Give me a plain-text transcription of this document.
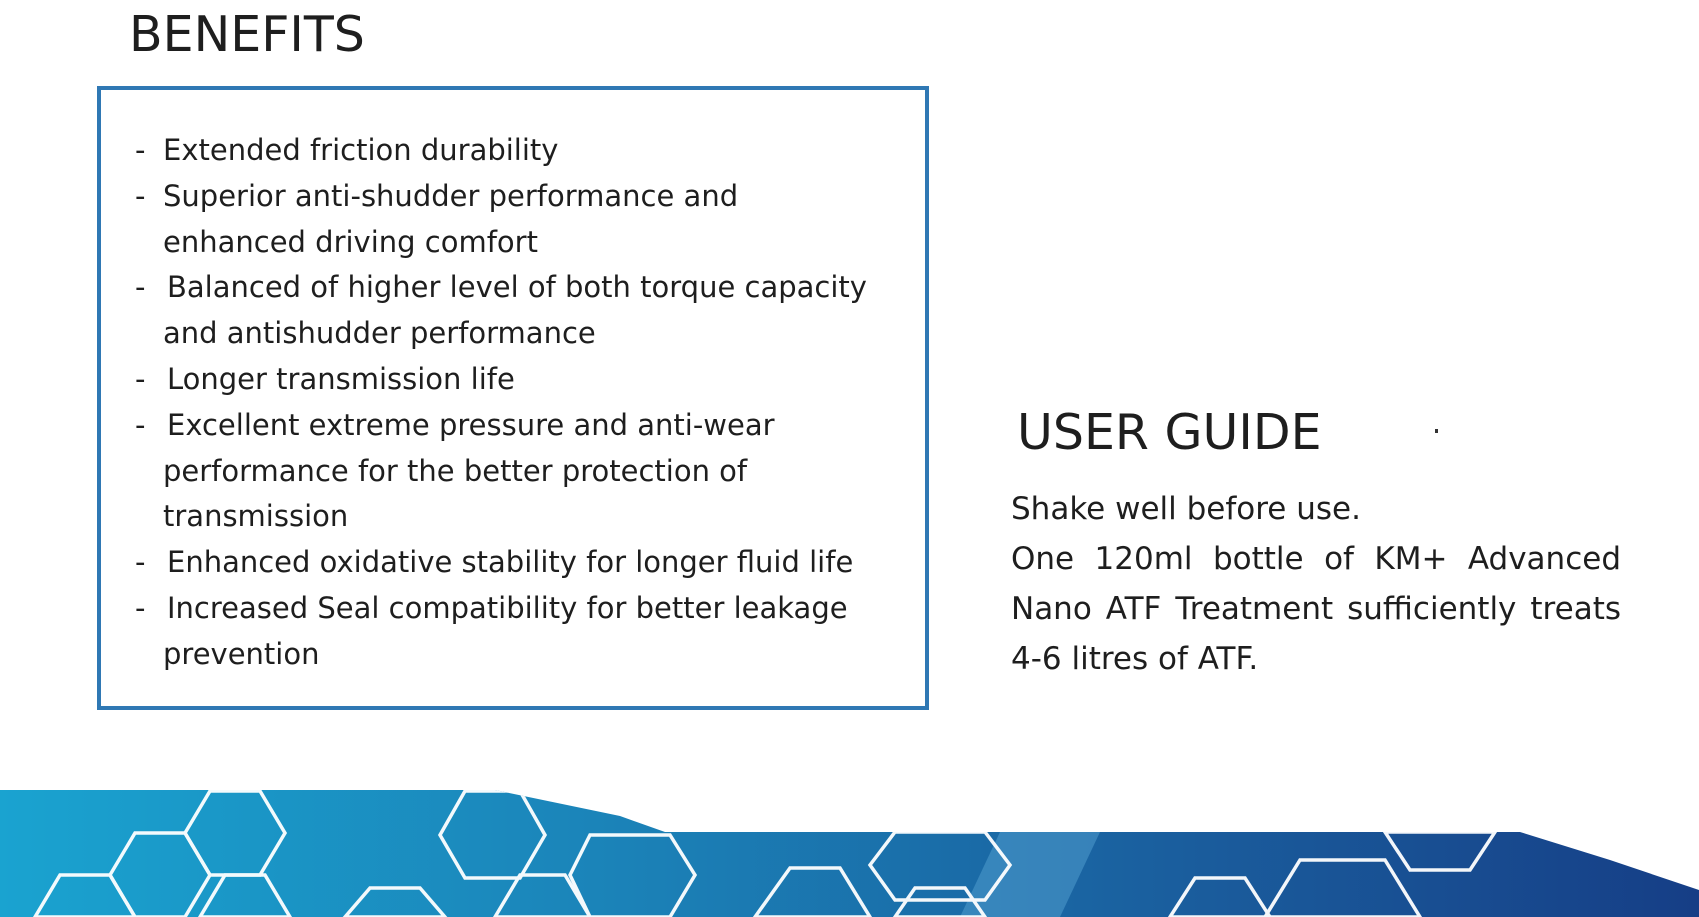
BENEFITS
- Extended friction durability
- Superior anti-shudder performance and
enhanced driving comfort
- Balanced of higher level of both torque capacity
and antishudder performance
- Longer transmission life
- Excellent extreme pressure and anti-wear
performance for the better protection of
transmission
- Enhanced oxidative stability for longer fluid life
- Increased Seal compatibility for better leakage
prevention
USER GUIDE

Shake well before use.

One 120ml bottle of KM+ Advanced

Nano ATF Treatment sufficiently treats

4-6 litres of ATF.
